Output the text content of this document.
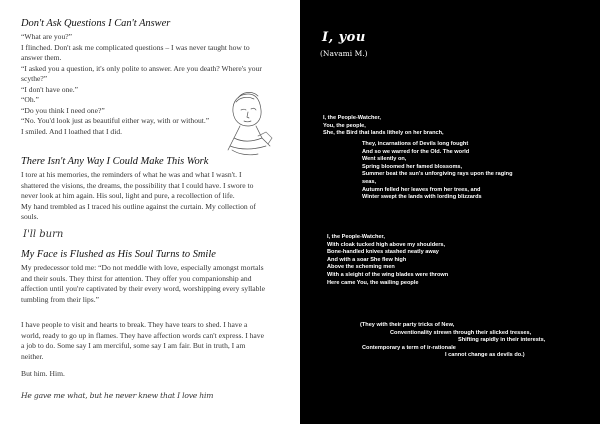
Don't Ask Questions I Can't Answer

“What are you?”

I flinched. Don't ask me complicated questions – I was never taught how to

answer them.

“I asked you a question, it's only polite to answer. Are you death? Where's your

scythe?”

“I don't have one.”

“Oh.”

“Do you think I need one?”

“No. You'd look just as beautiful either way, with or without.”

I smiled. And I loathed that I did.

There Isn't Any Way I Could Make This Work

I tore at his memories, the reminders of what he was and what I wasn't. I

shattered the visions, the dreams, the possibility that I could have. I swore to

never look at him again. His soul, light and pure, a recollection of life.

My hand trembled as I traced his outline against the curtain. My collection of

souls.

I'll burn

My Face is Flushed as His Soul Turns to Smile

My predecessor told me: “Do not meddle with love, especially amongst mortals

and their souls. They thirst for attention. They offer you companionship and

affection until you're captivated by their every word, worshipping every syllable

tumbling from their lips.”

I have people to visit and hearts to break. They have tears to shed. I have a

world, ready to go up in flames. They have affection words can't express. I have

a job to do. Some say I am merciful, some say I am fair. But in truth, I am

neither.

But him. Him.

He gave me what, but he never knew that I love him

I, you

(Navami M.)

I, the People-Watcher,

You, the people,

She, the Bird that lands lithely on her branch,

They, incarnations of Devils long fought

And so we warred for the Old. The world

Went silently on,

Spring bloomed her famed blossoms,

Summer beat the sun's unforgiving rays upon the raging

seas,

Autumn felled her leaves from her trees, and

Winter swept the lands with lording blizzards

I, the People-Watcher,

With cloak tucked high above my shoulders,

Bone-handled knives stashed neatly away

And with a soar She flew high

Above the scheming men

With a sleight of the wing blades were thrown

Here came You, the wailing people

(They with their party tricks of New,

Conventionality strewn through their slicked tresses,

Shifting rapidly in their interests,

Contemporary a term of ir-rationale

I cannot change as devils do.)
